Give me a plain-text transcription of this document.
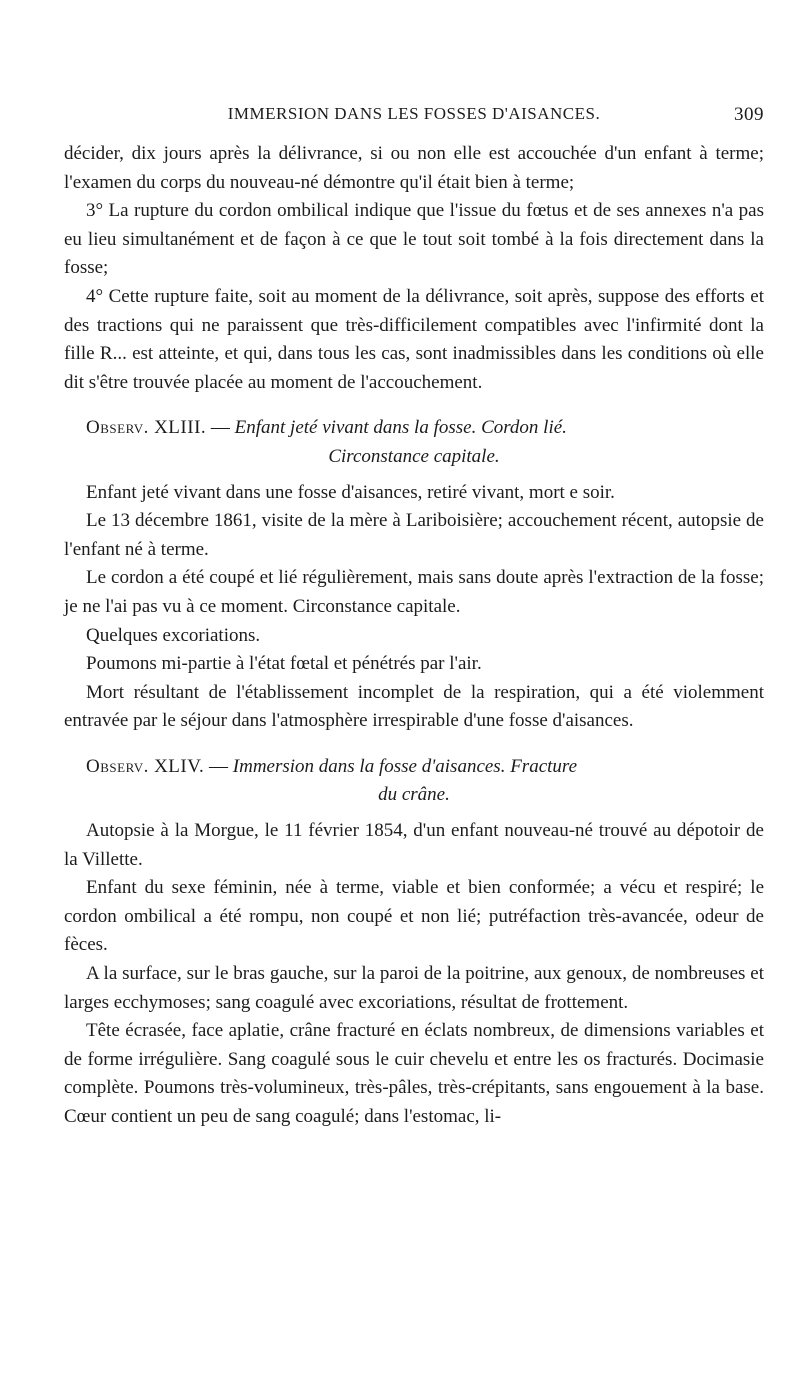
IMMERSION DANS LES FOSSES D'AISANCES.	309

décider, dix jours après la délivrance, si ou non elle est accouchée d'un enfant à terme; l'examen du corps du nouveau-né démontre qu'il était bien à terme;

3° La rupture du cordon ombilical indique que l'issue du fœtus et de ses annexes n'a pas eu lieu simultanément et de façon à ce que le tout soit tombé à la fois directement dans la fosse;

4° Cette rupture faite, soit au moment de la délivrance, soit après, suppose des efforts et des tractions qui ne paraissent que très-difficilement compatibles avec l'infirmité dont la fille R... est atteinte, et qui, dans tous les cas, sont inadmissibles dans les conditions où elle dit s'être trouvée placée au moment de l'accouchement.

Observ. XLIII. — Enfant jeté vivant dans la fosse. Cordon lié.

Circonstance capitale.

Enfant jeté vivant dans une fosse d'aisances, retiré vivant, mort e soir.

Le 13 décembre 1861, visite de la mère à Lariboisière; accouchement récent, autopsie de l'enfant né à terme.

Le cordon a été coupé et lié régulièrement, mais sans doute après l'extraction de la fosse; je ne l'ai pas vu à ce moment. Circonstance capitale.

Quelques excoriations.

Poumons mi-partie à l'état fœtal et pénétrés par l'air.

Mort résultant de l'établissement incomplet de la respiration, qui a été violemment entravée par le séjour dans l'atmosphère irrespirable d'une fosse d'aisances.

Observ. XLIV. — Immersion dans la fosse d'aisances. Fracture

du crâne.

Autopsie à la Morgue, le 11 février 1854, d'un enfant nouveau-né trouvé au dépotoir de la Villette.

Enfant du sexe féminin, née à terme, viable et bien conformée; a vécu et respiré; le cordon ombilical a été rompu, non coupé et non lié; putréfaction très-avancée, odeur de fèces.

A la surface, sur le bras gauche, sur la paroi de la poitrine, aux genoux, de nombreuses et larges ecchymoses; sang coagulé avec excoriations, résultat de frottement.

Tête écrasée, face aplatie, crâne fracturé en éclats nombreux, de dimensions variables et de forme irrégulière. Sang coagulé sous le cuir chevelu et entre les os fracturés. Docimasie complète. Poumons très-volumineux, très-pâles, très-crépitants, sans engouement à la base. Cœur contient un peu de sang coagulé; dans l'estomac, li-
